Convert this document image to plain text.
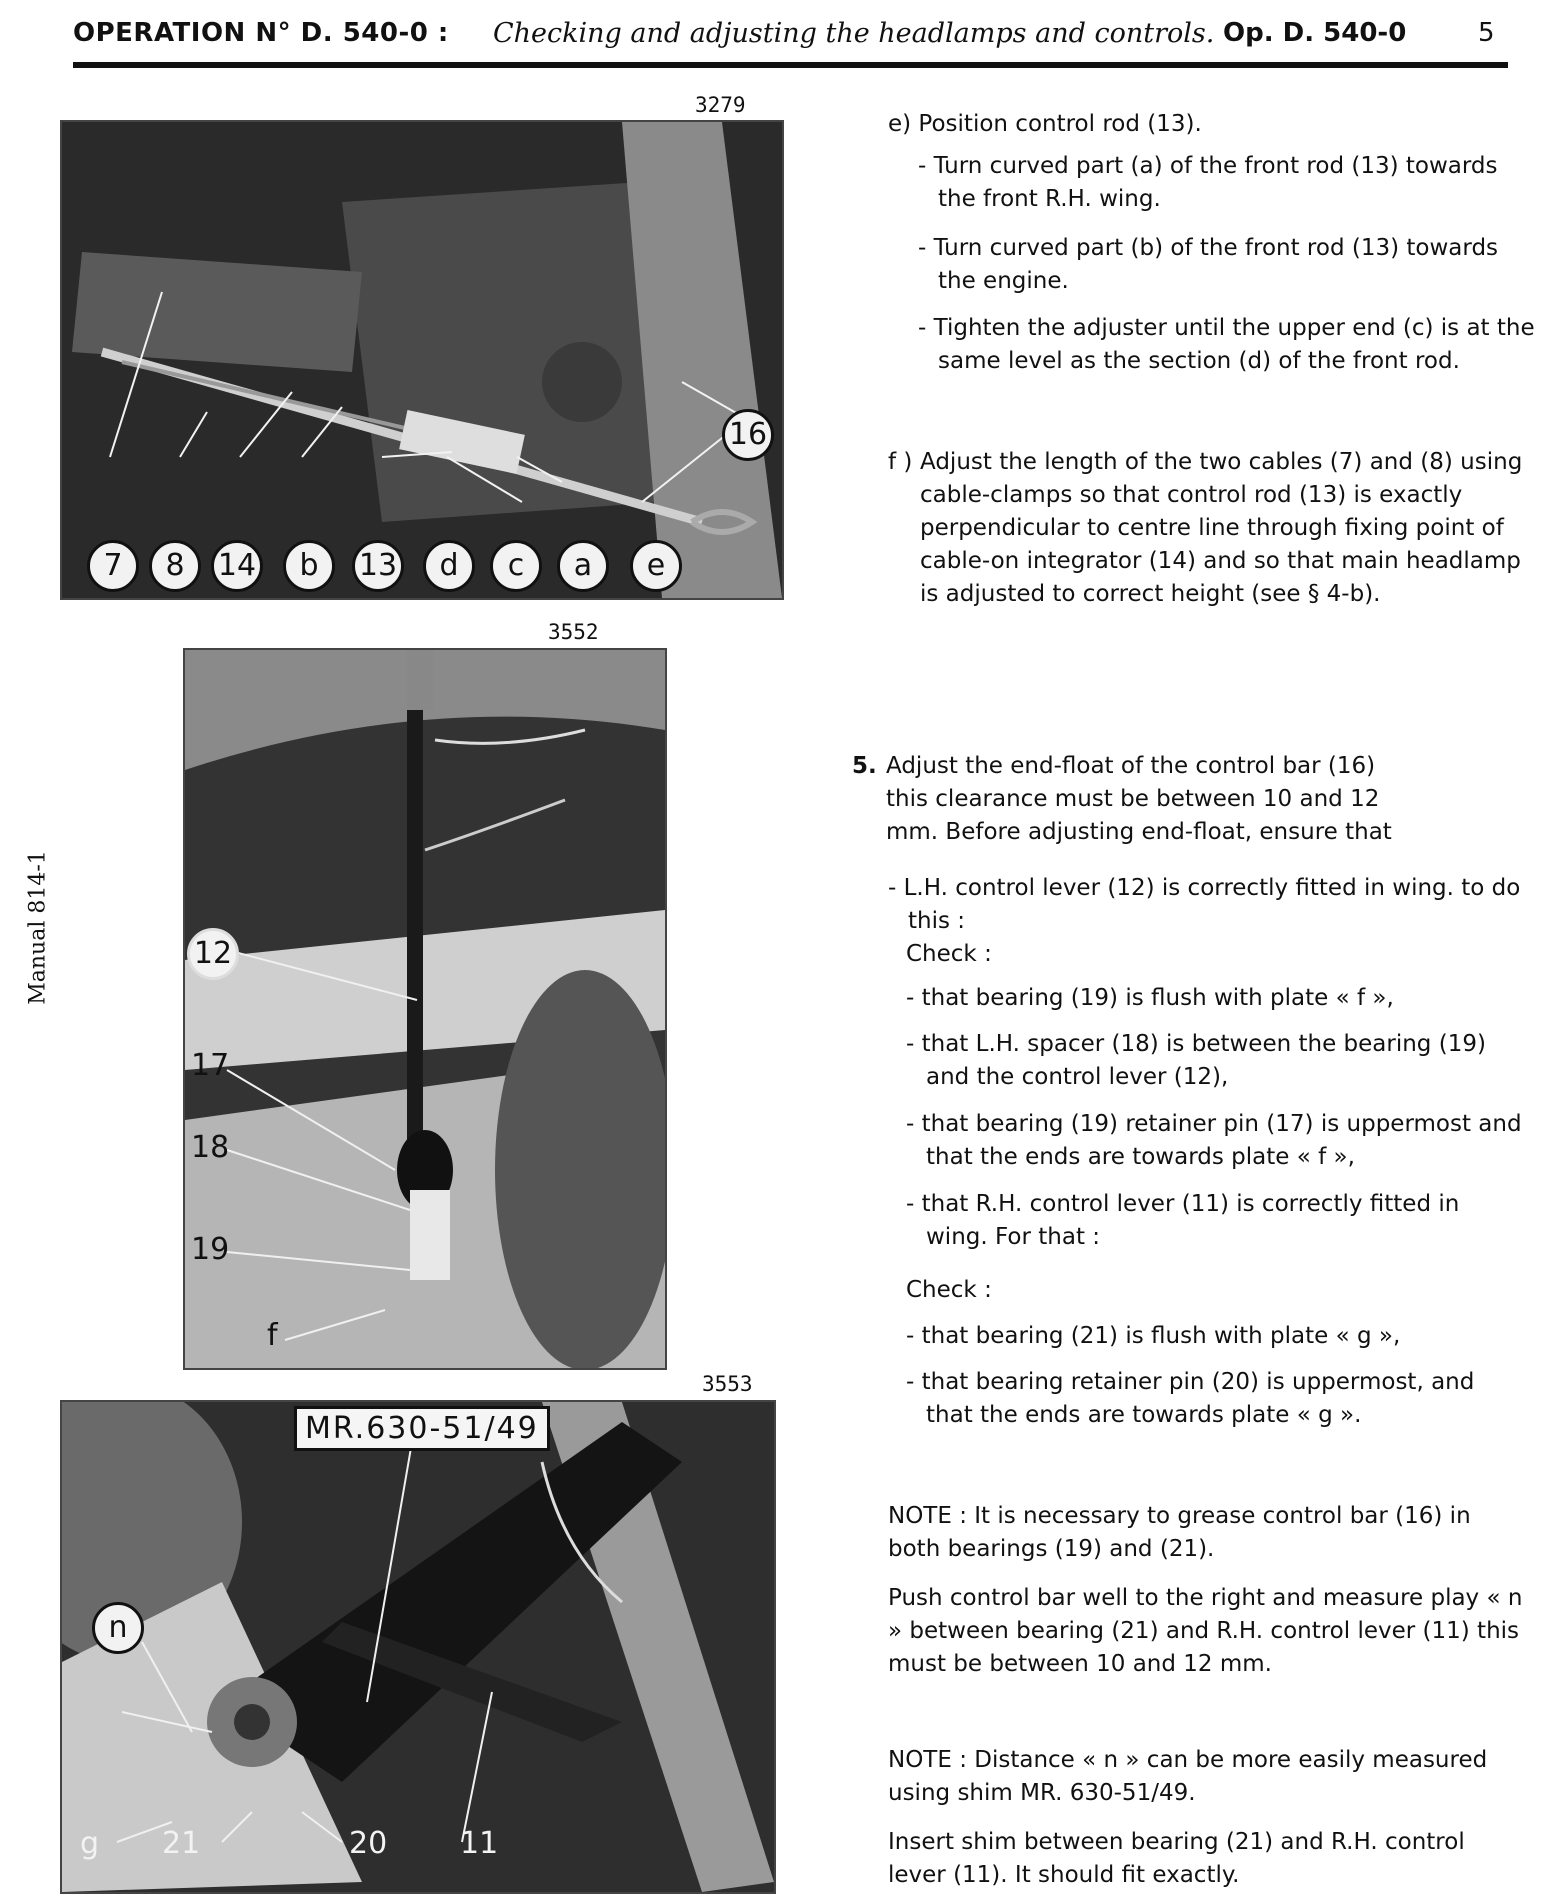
OPERATION N° D. 540-0 : Checking and adjusting the headlamps and controls. Op. D. 540-0	5
Manual 814-1
3279
7	8	14	b	13	d	c	a	e
16
3552
12
17
18
19
f
3553
MR.630-51/49
n
g 21	20 11
e) Position control rod (13).
- Turn curved part (a) of the front rod (13) towards the front R.H. wing.
- Turn curved part (b) of the front rod (13) towards the engine.
- Tighten the adjuster until the upper end (c) is at the same level as the section (d) of the front rod.
f ) Adjust the length of the two cables (7) and (8) using cable-clamps so that control rod (13) is exactly perpendicular to centre line through fixing point of cable-on integrator (14) and so that main headlamp is adjusted to correct height (see § 4-b).
5. Adjust the end-float of the control bar (16) this clearance must be between 10 and 12 mm. Before adjusting end-float, ensure that
- L.H. control lever (12) is correctly fitted in wing. to do this :
Check :
- that bearing (19) is flush with plate « f »,
- that L.H. spacer (18) is between the bearing (19) and the control lever (12),
- that bearing (19) retainer pin (17) is uppermost and that the ends are towards plate « f »,
- that R.H. control lever (11) is correctly fitted in wing. For that :
Check :
- that bearing (21) is flush with plate « g »,
- that bearing retainer pin (20) is uppermost, and that the ends are towards plate « g ».
NOTE : It is necessary to grease control bar (16) in both bearings (19) and (21).
Push control bar well to the right and measure play « n » between bearing (21) and R.H. control lever (11) this must be between 10 and 12 mm.
NOTE : Distance « n » can be more easily measured using shim MR. 630-51/49.
Insert shim between bearing (21) and R.H. control lever (11). It should fit exactly.
